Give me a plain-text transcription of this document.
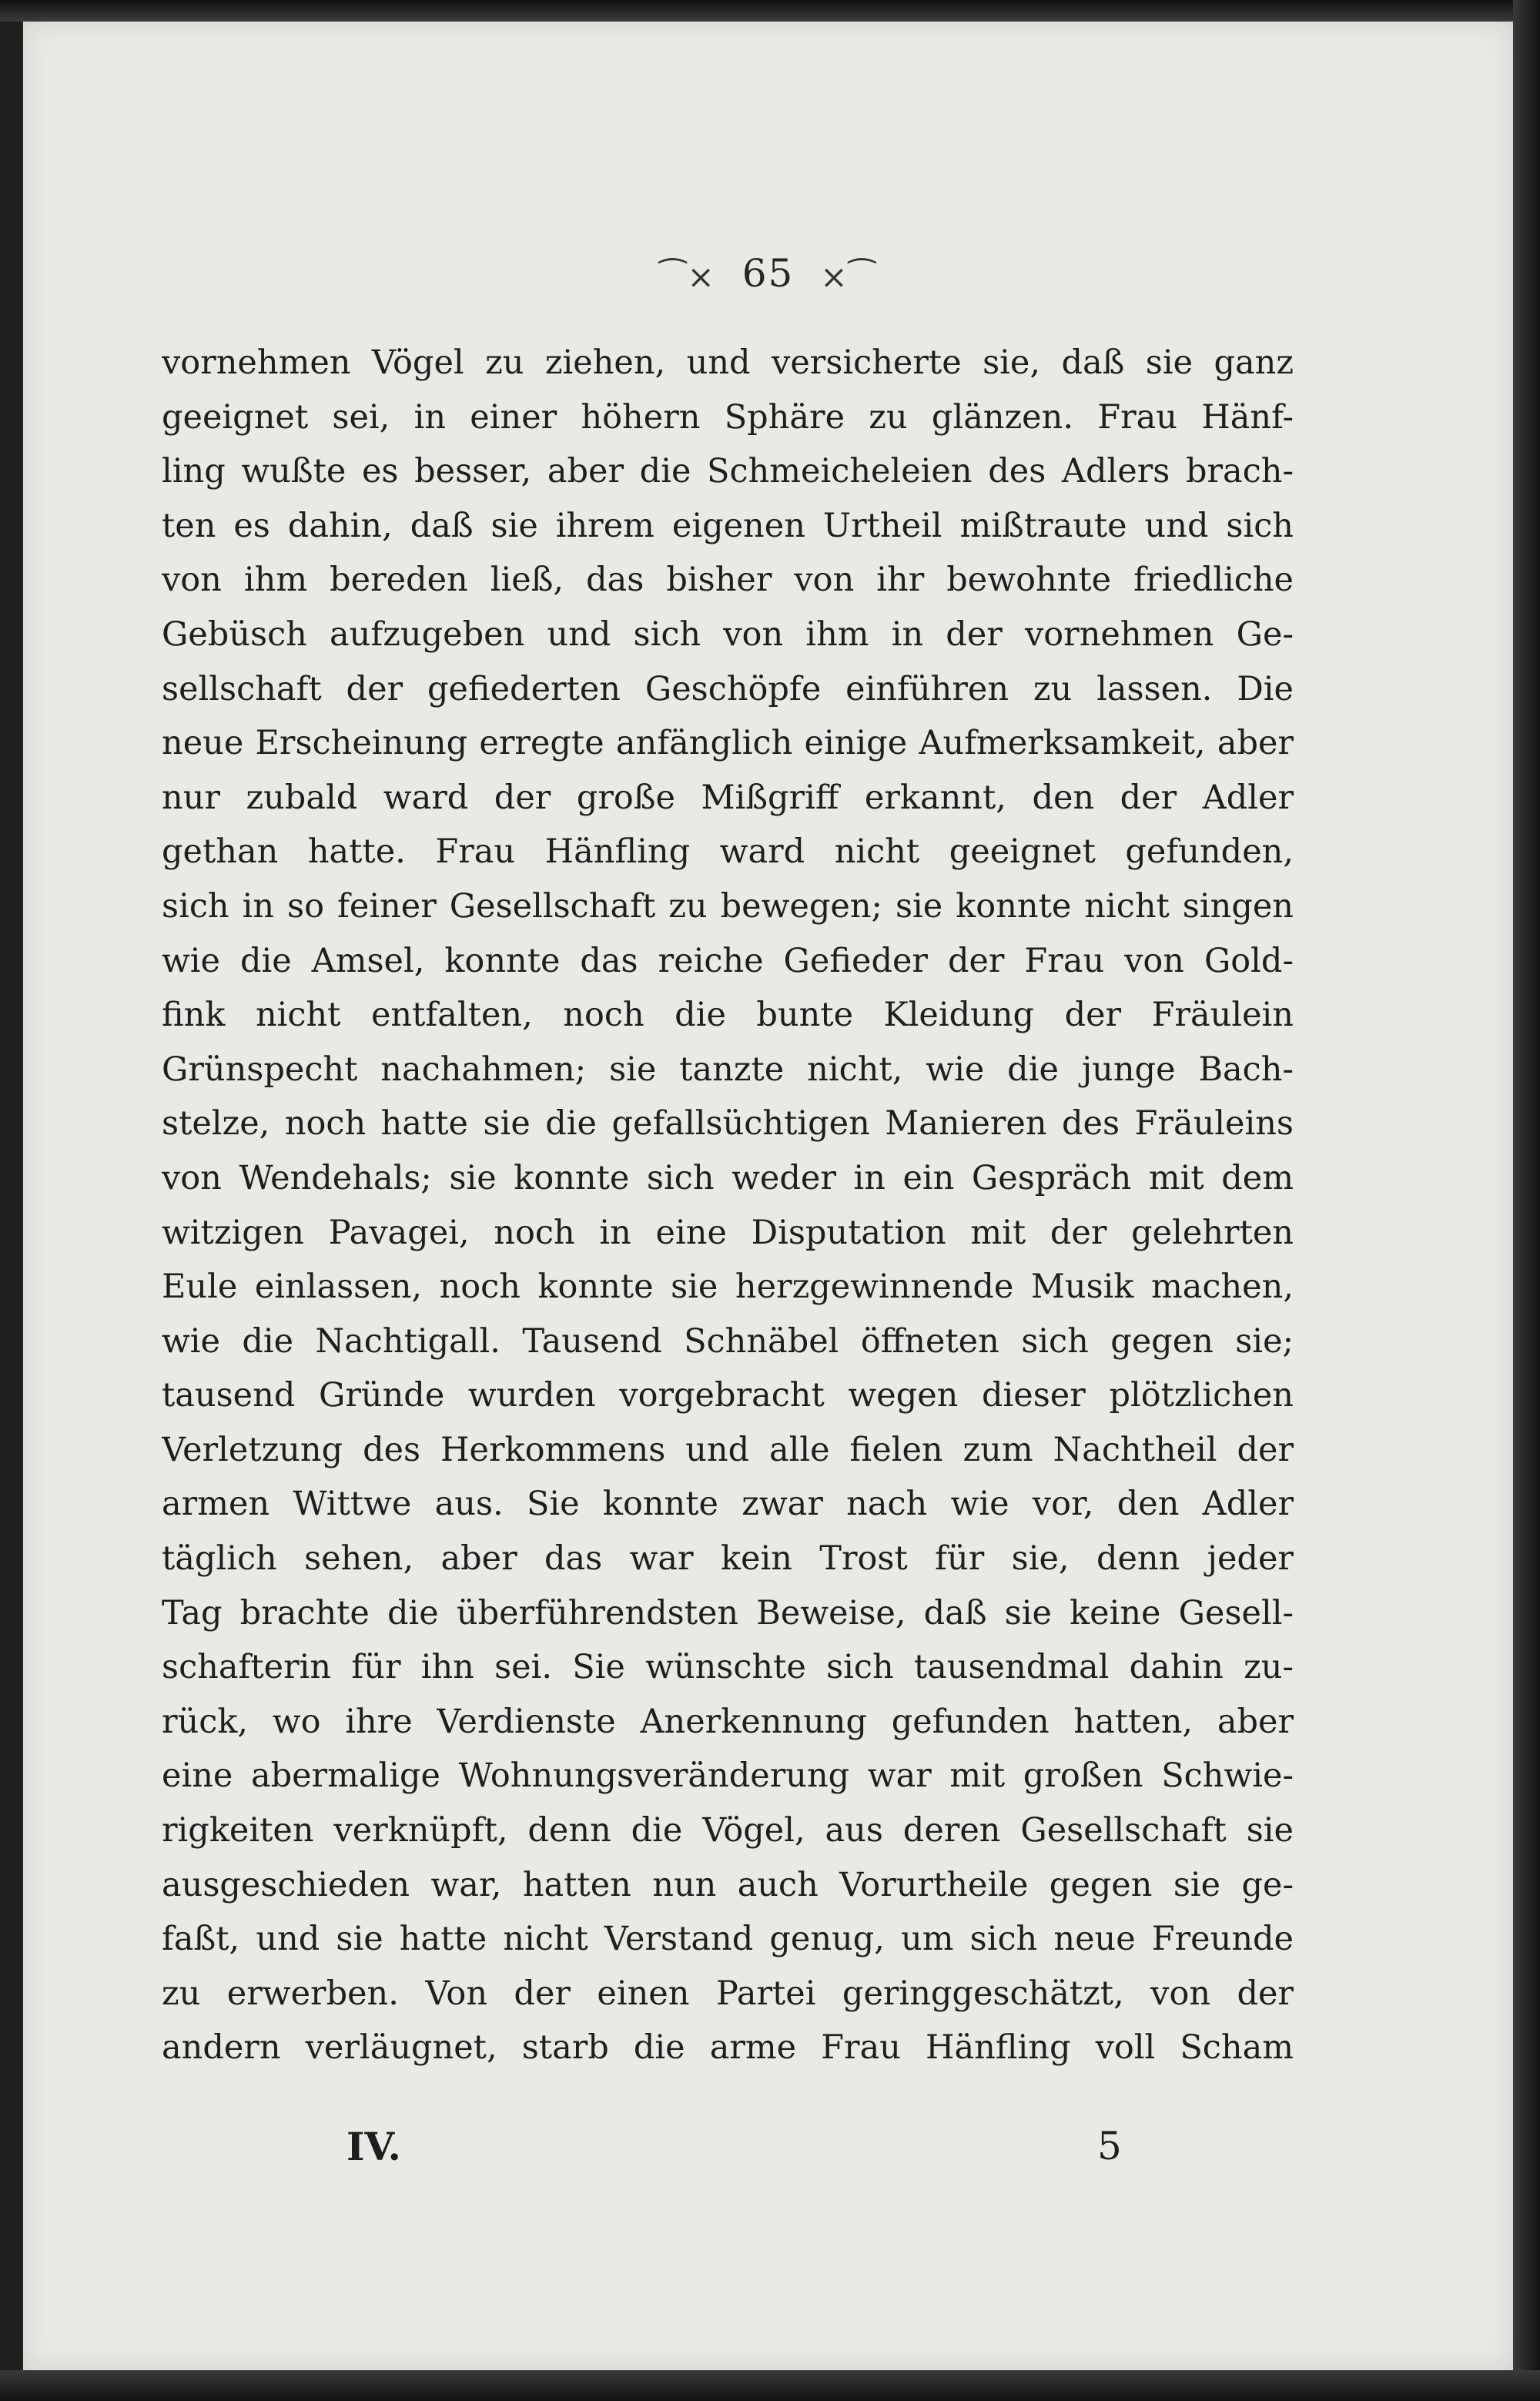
⁀× 65 ×⁀
vornehmen Vögel zu ziehen, und versicherte sie, daß sie ganz
geeignet sei, in einer höhern Sphäre zu glänzen. Frau Hänf-
ling wußte es besser, aber die Schmeicheleien des Adlers brach-
ten es dahin, daß sie ihrem eigenen Urtheil mißtraute und sich
von ihm bereden ließ, das bisher von ihr bewohnte friedliche
Gebüsch aufzugeben und sich von ihm in der vornehmen Ge-
sellschaft der gefiederten Geschöpfe einführen zu lassen. Die
neue Erscheinung erregte anfänglich einige Aufmerksamkeit, aber
nur zubald ward der große Mißgriff erkannt, den der Adler
gethan hatte. Frau Hänfling ward nicht geeignet gefunden,
sich in so feiner Gesellschaft zu bewegen; sie konnte nicht singen
wie die Amsel, konnte das reiche Gefieder der Frau von Gold-
fink nicht entfalten, noch die bunte Kleidung der Fräulein
Grünspecht nachahmen; sie tanzte nicht, wie die junge Bach-
stelze, noch hatte sie die gefallsüchtigen Manieren des Fräuleins
von Wendehals; sie konnte sich weder in ein Gespräch mit dem
witzigen Pavagei, noch in eine Disputation mit der gelehrten
Eule einlassen, noch konnte sie herzgewinnende Musik machen,
wie die Nachtigall. Tausend Schnäbel öffneten sich gegen sie;
tausend Gründe wurden vorgebracht wegen dieser plötzlichen
Verletzung des Herkommens und alle fielen zum Nachtheil der
armen Wittwe aus. Sie konnte zwar nach wie vor, den Adler
täglich sehen, aber das war kein Trost für sie, denn jeder
Tag brachte die überführendsten Beweise, daß sie keine Gesell-
schafterin für ihn sei. Sie wünschte sich tausendmal dahin zu-
rück, wo ihre Verdienste Anerkennung gefunden hatten, aber
eine abermalige Wohnungsveränderung war mit großen Schwie-
rigkeiten verknüpft, denn die Vögel, aus deren Gesellschaft sie
ausgeschieden war, hatten nun auch Vorurtheile gegen sie ge-
faßt, und sie hatte nicht Verstand genug, um sich neue Freunde
zu erwerben. Von der einen Partei geringgeschätzt, von der
andern verläugnet, starb die arme Frau Hänfling voll Scham
IV.	5
